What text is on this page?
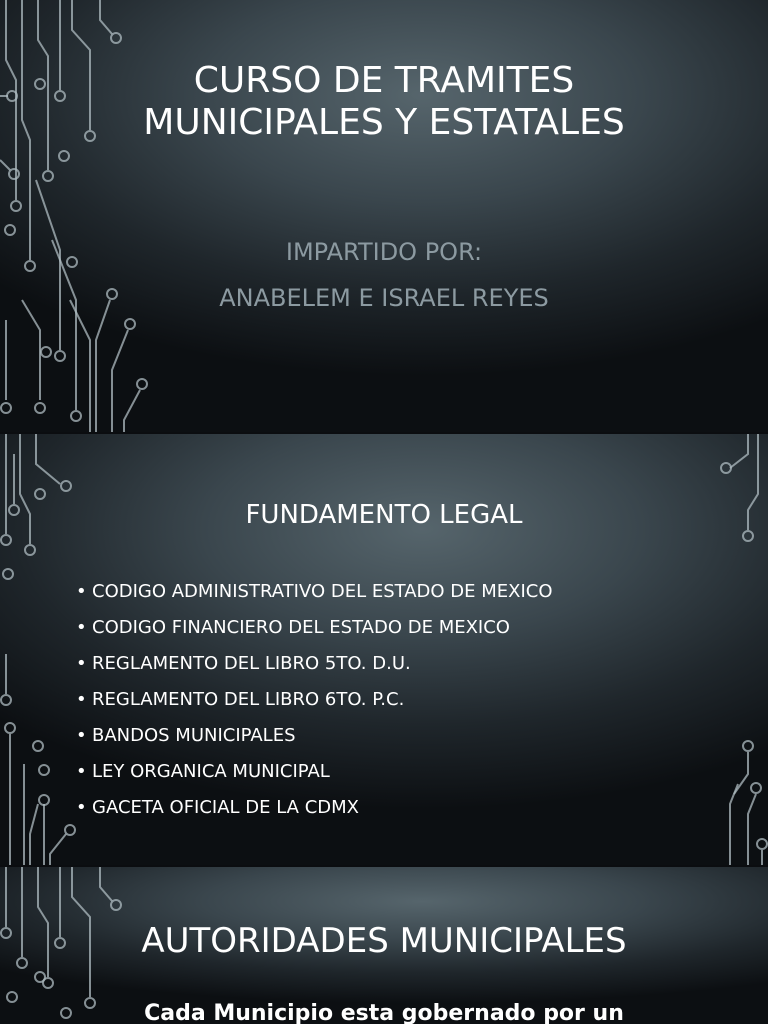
CURSO DE TRAMITES
MUNICIPALES Y ESTATALES
IMPARTIDO POR:
ANABELEM E ISRAEL REYES
FUNDAMENTO LEGAL
• CODIGO ADMINISTRATIVO DEL ESTADO DE MEXICO
• CODIGO FINANCIERO DEL ESTADO DE MEXICO
• REGLAMENTO DEL LIBRO 5TO. D.U.
• REGLAMENTO DEL LIBRO 6TO. P.C.
• BANDOS MUNICIPALES
• LEY ORGANICA MUNICIPAL
• GACETA OFICIAL DE LA CDMX
AUTORIDADES MUNICIPALES
Cada Municipio esta gobernado por un
